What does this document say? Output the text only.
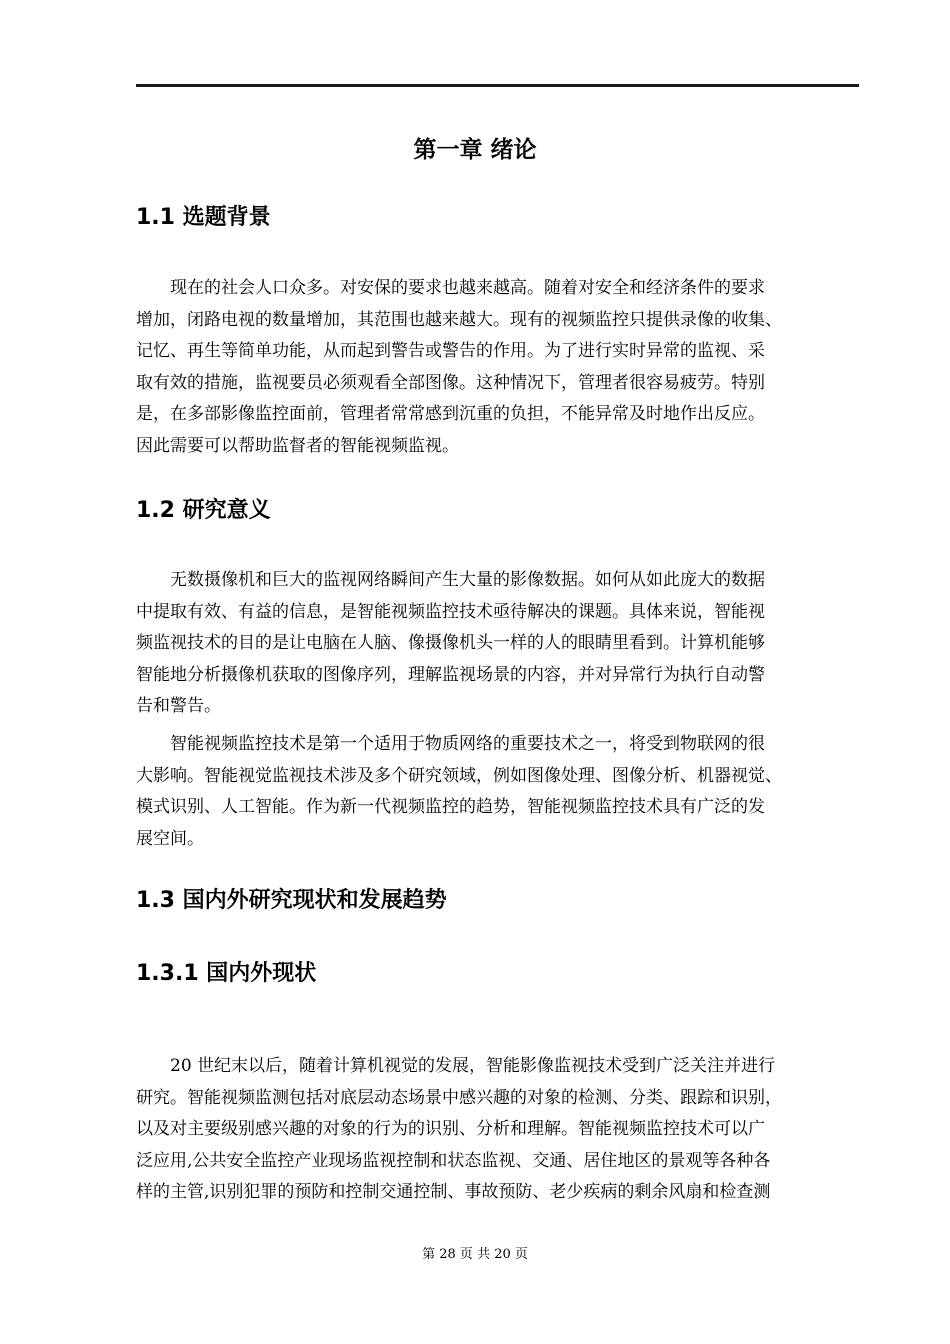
第一章 绪论
1.1 选题背景

现在的社会人口众多。对安保的要求也越来越高。随着对安全和经济条件的要求
增加，闭路电视的数量增加，其范围也越来越大。现有的视频监控只提供录像的收集、
记忆、再生等简单功能，从而起到警告或警告的作用。为了进行实时异常的监视、采
取有效的措施，监视要员必须观看全部图像。这种情况下，管理者很容易疲劳。特别
是，在多部影像监控面前，管理者常常感到沉重的负担，不能异常及时地作出反应。
因此需要可以帮助监督者的智能视频监视。

1.2 研究意义

无数摄像机和巨大的监视网络瞬间产生大量的影像数据。如何从如此庞大的数据
中提取有效、有益的信息，是智能视频监控技术亟待解决的课题。具体来说，智能视
频监视技术的目的是让电脑在人脑、像摄像机头一样的人的眼睛里看到。计算机能够
智能地分析摄像机获取的图像序列，理解监视场景的内容，并对异常行为执行自动警
告和警告。

智能视频监控技术是第一个适用于物质网络的重要技术之一，将受到物联网的很
大影响。智能视觉监视技术涉及多个研究领域，例如图像处理、图像分析、机器视觉、
模式识别、人工智能。作为新一代视频监控的趋势，智能视频监控技术具有广泛的发
展空间。

1.3 国内外研究现状和发展趋势
1.3.1 国内外现状

20 世纪末以后，随着计算机视觉的发展，智能影像监视技术受到广泛关注并进行
研究。智能视频监测包括对底层动态场景中感兴趣的对象的检测、分类、跟踪和识别，
以及对主要级别感兴趣的对象的行为的识别、分析和理解。智能视频监控技术可以广
泛应用,公共安全监控产业现场监视控制和状态监视、交通、居住地区的景观等各种各
样的主管,识别犯罪的预防和控制交通控制、事故预防、老少疾病的剩余风扇和检查测

第 28 页 共 20 页
